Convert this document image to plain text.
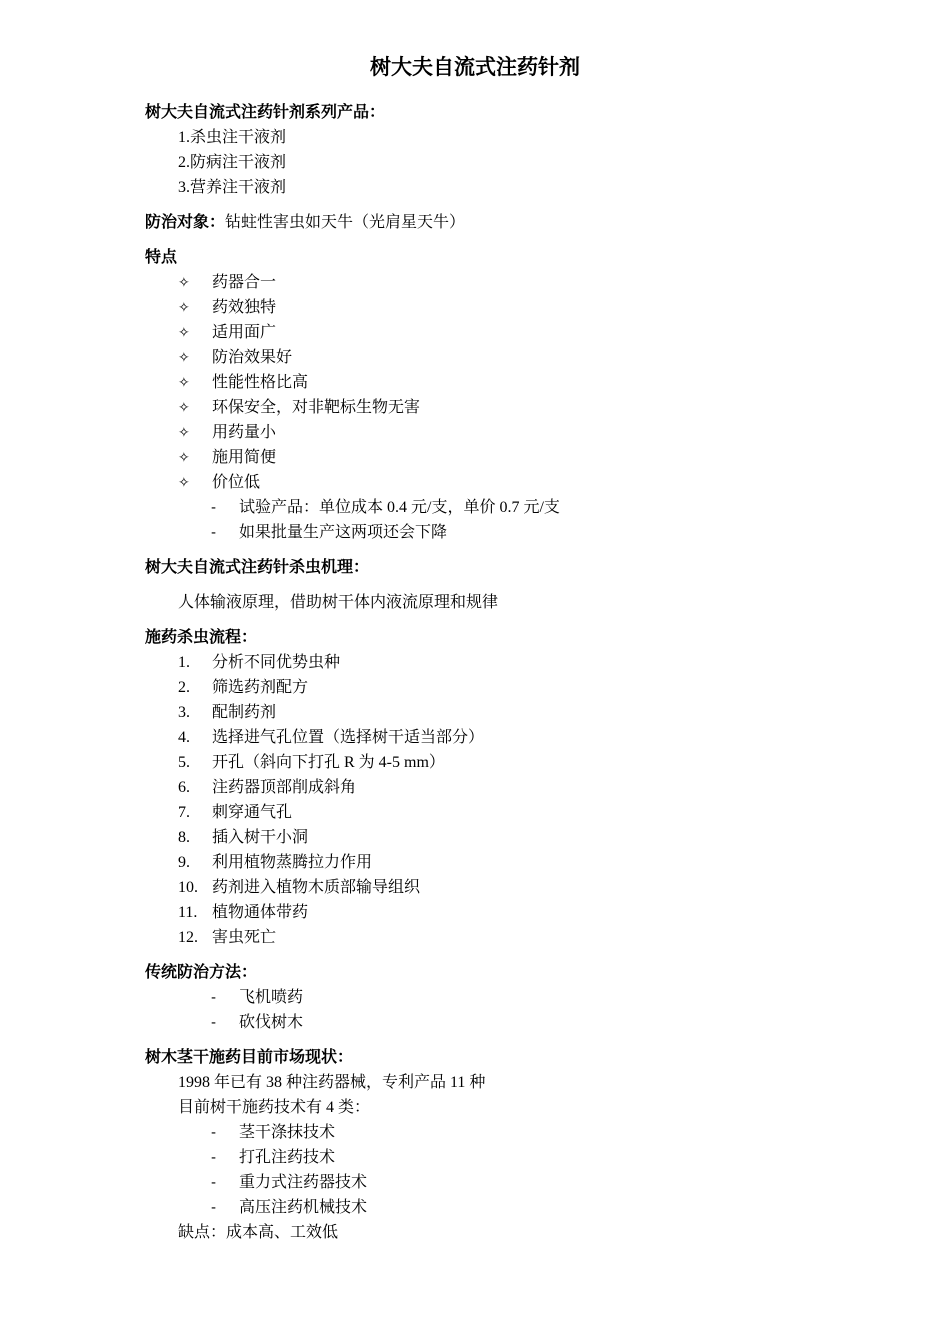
树大夫自流式注药针剂
树大夫自流式注药针剂系列产品：
1.杀虫注干液剂
2.防病注干液剂
3.营养注干液剂
防治对象：钻蛀性害虫如天牛（光肩星天牛）
特点
✧ 药器合一
✧ 药效独特
✧ 适用面广
✧ 防治效果好
✧ 性能性格比高
✧ 环保安全，对非靶标生物无害
✧ 用药量小
✧ 施用简便
✧ 价位低
- 试验产品：单位成本 0.4 元/支，单价 0.7 元/支
- 如果批量生产这两项还会下降
树大夫自流式注药针杀虫机理：
人体输液原理，借助树干体内液流原理和规律
施药杀虫流程：
1. 分析不同优势虫种
2. 筛选药剂配方
3. 配制药剂
4. 选择进气孔位置（选择树干适当部分）
5. 开孔（斜向下打孔 R 为 4-5 mm）
6. 注药器顶部削成斜角
7. 刺穿通气孔
8. 插入树干小洞
9. 利用植物蒸腾拉力作用
10. 药剂进入植物木质部输导组织
11. 植物通体带药
12. 害虫死亡
传统防治方法：
- 飞机喷药
- 砍伐树木
树木茎干施药目前市场现状：
1998 年已有 38 种注药器械，专利产品 11 种
目前树干施药技术有 4 类：
- 茎干涤抹技术
- 打孔注药技术
- 重力式注药器技术
- 高压注药机械技术
缺点：成本高、工效低
